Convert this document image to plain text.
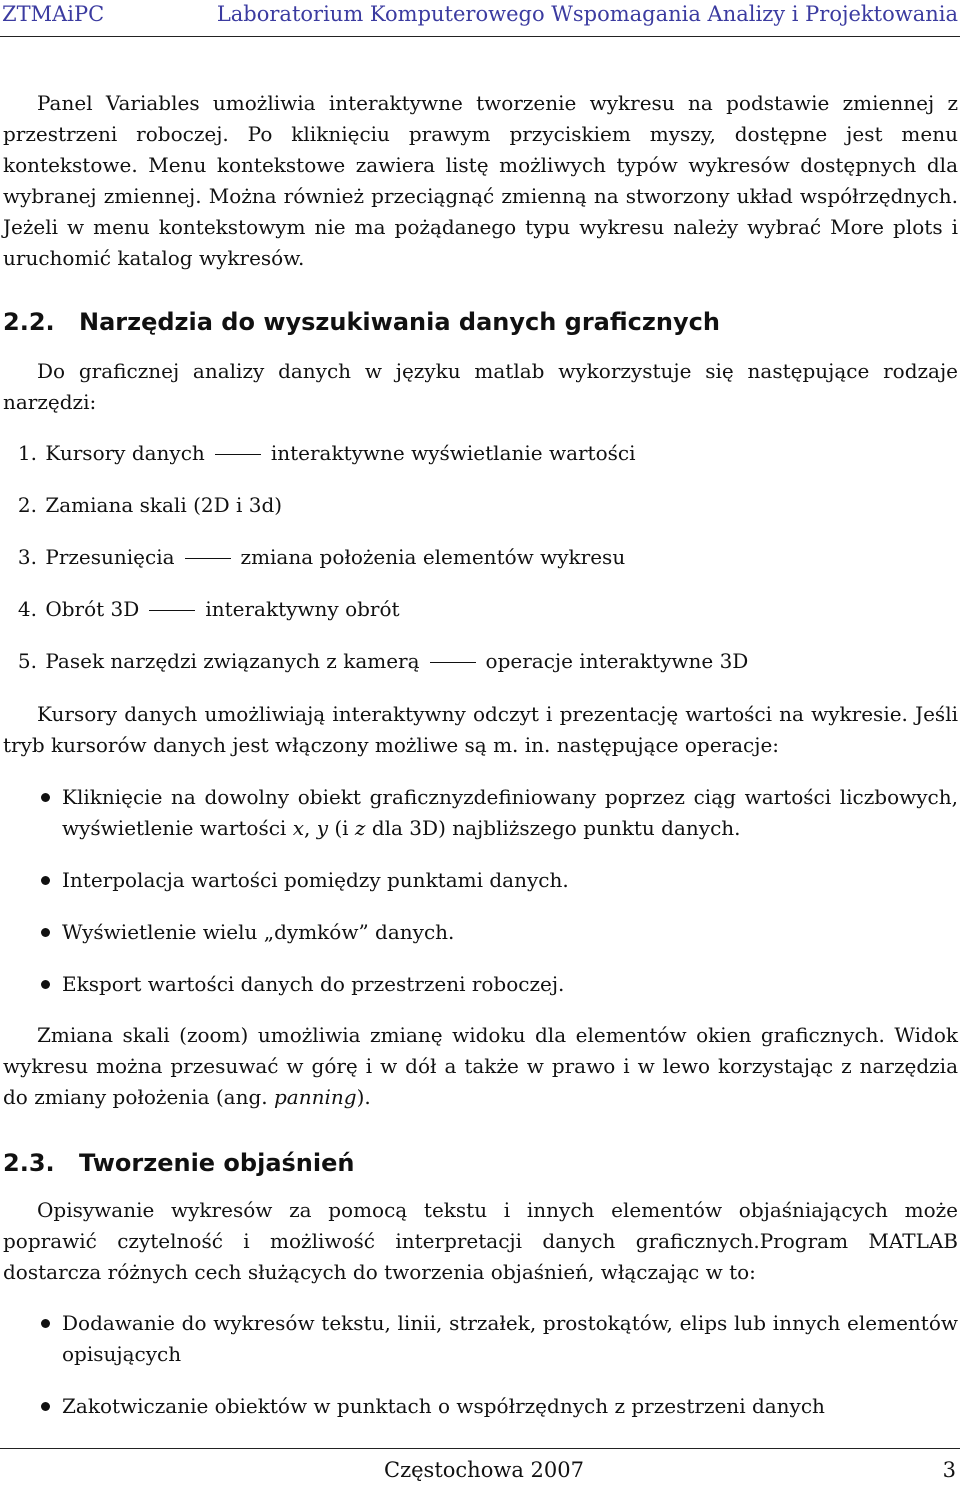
ZTMAiPC	Laboratorium Komputerowego Wspomagania Analizy i Projektowania

Panel Variables umożliwia interaktywne tworzenie wykresu na podstawie zmiennej z przestrzeni roboczej. Po kliknięciu prawym przyciskiem myszy, dostępne jest menu kontekstowe. Menu kontekstowe zawiera listę możliwych typów wykresów dostępnych dla wybranej zmiennej. Można również przeciągnąć zmienną na stworzony układ współrzędnych. Jeżeli w menu kontekstowym nie ma pożądanego typu wykresu należy wybrać More plots i uruchomić katalog wykresów.

2.2. Narzędzia do wyszukiwania danych graficznych

Do graficznej analizy danych w języku matlab wykorzystuje się następujące rodzaje narzędzi:

1. Kursory danych	interaktywne wyświetlanie wartości
2. Zamiana skali (2D i 3d)
3. Przesunięcia	zmiana położenia elementów wykresu
4. Obrót 3D	interaktywny obrót
5. Pasek narzędzi związanych z kamerą	operacje interaktywne 3D

Kursory danych umożliwiają interaktywny odczyt i prezentację wartości na wykresie. Jeśli tryb kursorów danych jest włączony możliwe są m. in. następujące operacje:

Kliknięcie na dowolny obiekt graficznyzdefiniowany poprzez ciąg wartości liczbowych, wyświetlenie wartości x, y (i z dla 3D) najbliższego punktu danych.
Interpolacja wartości pomiędzy punktami danych.
Wyświetlenie wielu „dymków” danych.
Eksport wartości danych do przestrzeni roboczej.

Zmiana skali (zoom) umożliwia zmianę widoku dla elementów okien graficznych. Widok wykresu można przesuwać w górę i w dół a także w prawo i w lewo korzystając z narzędzia do zmiany położenia (ang. panning).

2.3. Tworzenie objaśnień

Opisywanie wykresów za pomocą tekstu i innych elementów objaśniających może poprawić czytelność i możliwość interpretacji danych graficznych.Program MATLAB dostarcza różnych cech służących do tworzenia objaśnień, włączając w to:

Dodawanie do wykresów tekstu, linii, strzałek, prostokątów, elips lub innych elementów opisujących
Zakotwiczanie obiektów w punktach o współrzędnych z przestrzeni danych
Częstochowa 2007	3
